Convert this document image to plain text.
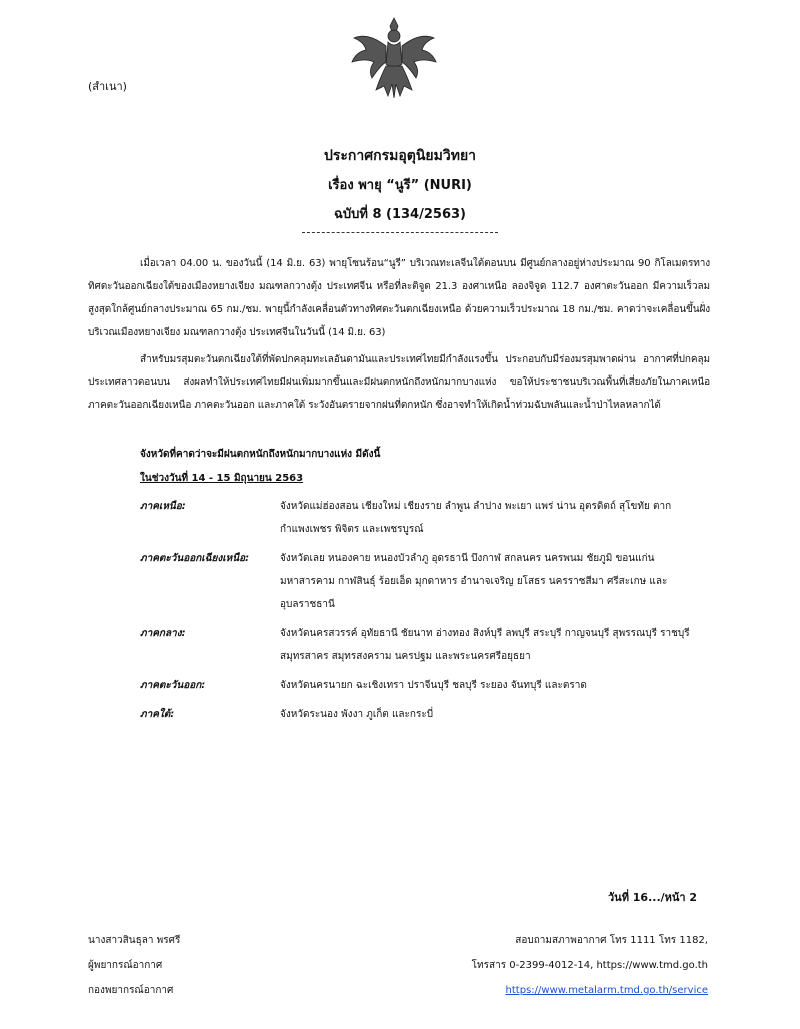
(สำเนา)
ประกาศกรมอุตุนิยมวิทยา
เรื่อง พายุ “นูรี” (NURI)
ฉบับที่ 8 (134/2563)

เมื่อเวลา 04.00 น. ของวันนี้ (14 มิ.ย. 63) พายุโซนร้อน“นูรี” บริเวณทะเลจีนใต้ตอนบน มีศูนย์กลางอยู่ห่างประมาณ 90 กิโลเมตรทางทิศตะวันออกเฉียงใต้ของเมืองหยางเจียง มณฑลกวางตุ้ง ประเทศจีน หรือที่ละติจูด 21.3 องศาเหนือ ลองจิจูด 112.7 องศาตะวันออก มีความเร็วลมสูงสุดใกล้ศูนย์กลางประมาณ 65 กม./ชม. พายุนี้กำลังเคลื่อนตัวทางทิศตะวันตกเฉียงเหนือ ด้วยความเร็วประมาณ 18 กม./ชม. คาดว่าจะเคลื่อนขึ้นฝั่งบริเวณเมืองหยางเจียง มณฑลกวางตุ้ง ประเทศจีนในวันนี้ (14 มิ.ย. 63)

สำหรับมรสุมตะวันตกเฉียงใต้ที่พัดปกคลุมทะเลอันดามันและประเทศไทยมีกำลังแรงขึ้น ประกอบกับมีร่องมรสุมพาดผ่าน อากาศที่ปกคลุมประเทศลาวตอนบน ส่งผลทำให้ประเทศไทยมีฝนเพิ่มมากขึ้นและมีฝนตกหนักถึงหนักมากบางแห่ง ขอให้ประชาชนบริเวณพื้นที่เสี่ยงภัยในภาคเหนือ ภาคตะวันออกเฉียงเหนือ ภาคตะวันออก และภาคใต้ ระวังอันตรายจากฝนที่ตกหนัก ซึ่งอาจทำให้เกิดน้ำท่วมฉับพลันและน้ำป่าไหลหลากได้

จังหวัดที่คาดว่าจะมีฝนตกหนักถึงหนักมากบางแห่ง มีดังนี้
ในช่วงวันที่ 14 - 15 มิถุนายน 2563
ภาคเหนือ:	จังหวัดแม่ฮ่องสอน เชียงใหม่ เชียงราย ลำพูน ลำปาง พะเยา แพร่ น่าน อุตรดิตถ์ สุโขทัย ตาก กำแพงเพชร พิจิตร และเพชรบูรณ์
ภาคตะวันออกเฉียงเหนือ:	จังหวัดเลย หนองคาย หนองบัวลำภู อุดรธานี บึงกาฬ สกลนคร นครพนม ชัยภูมิ ขอนแก่น มหาสารคาม กาฬสินธุ์ ร้อยเอ็ด มุกดาหาร อำนาจเจริญ ยโสธร นครราชสีมา ศรีสะเกษ และอุบลราชธานี
ภาคกลาง:	จังหวัดนครสวรรค์ อุทัยธานี ชัยนาท อ่างทอง สิงห์บุรี ลพบุรี สระบุรี กาญจนบุรี สุพรรณบุรี ราชบุรี สมุทรสาคร สมุทรสงคราม นครปฐม และพระนครศรีอยุธยา
ภาคตะวันออก:	จังหวัดนครนายก ฉะเชิงเทรา ปราจีนบุรี ชลบุรี ระยอง จันทบุรี และตราด
ภาคใต้:	จังหวัดระนอง พังงา ภูเก็ต และกระบี่
วันที่ 16.../หน้า 2
นางสาวสินธุลา พรศรี
ผู้พยากรณ์อากาศ
กองพยากรณ์อากาศ
สอบถามสภาพอากาศ โทร 1111 โทร 1182,
โทรสาร 0-2399-4012-14, https://www.tmd.go.th
https://www.metalarm.tmd.go.th/service
